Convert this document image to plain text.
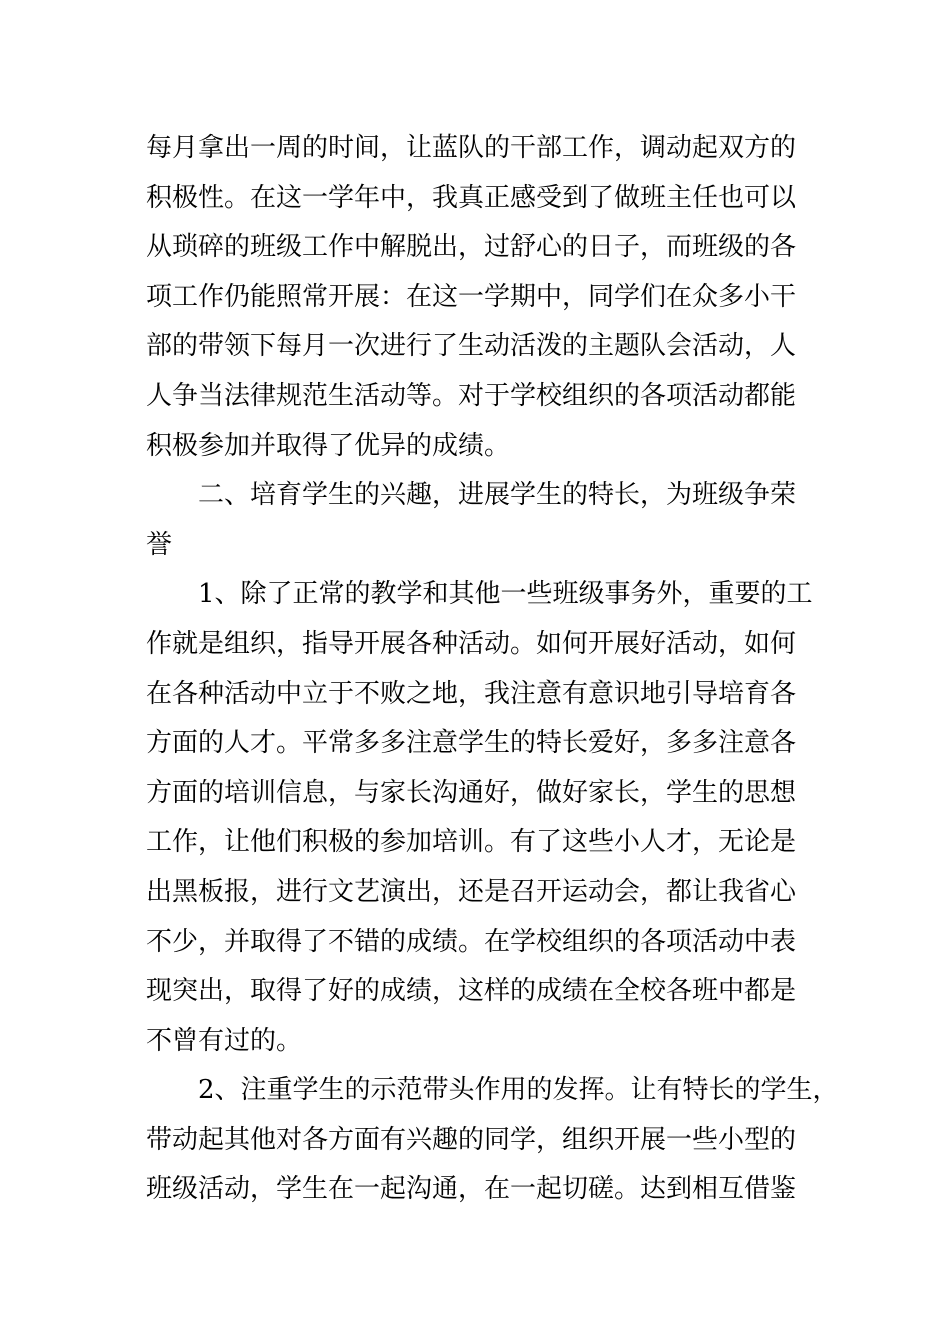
每月拿出一周的时间，让蓝队的干部工作，调动起双方的
积极性。在这一学年中，我真正感受到了做班主任也可以
从琐碎的班级工作中解脱出，过舒心的日子，而班级的各
项工作仍能照常开展：在这一学期中，同学们在众多小干
部的带领下每月一次进行了生动活泼的主题队会活动，人
人争当法律规范生活动等。对于学校组织的各项活动都能
积极参加并取得了优异的成绩。
二、培育学生的兴趣，进展学生的特长，为班级争荣
誉
1、除了正常的教学和其他一些班级事务外，重要的工
作就是组织，指导开展各种活动。如何开展好活动，如何
在各种活动中立于不败之地，我注意有意识地引导培育各
方面的人才。平常多多注意学生的特长爱好，多多注意各
方面的培训信息，与家长沟通好，做好家长，学生的思想
工作，让他们积极的参加培训。有了这些小人才，无论是
出黑板报，进行文艺演出，还是召开运动会，都让我省心
不少，并取得了不错的成绩。在学校组织的各项活动中表
现突出，取得了好的成绩，这样的成绩在全校各班中都是
不曾有过的。
2、注重学生的示范带头作用的发挥。让有特长的学生，
带动起其他对各方面有兴趣的同学，组织开展一些小型的
班级活动，学生在一起沟通，在一起切磋。达到相互借鉴
